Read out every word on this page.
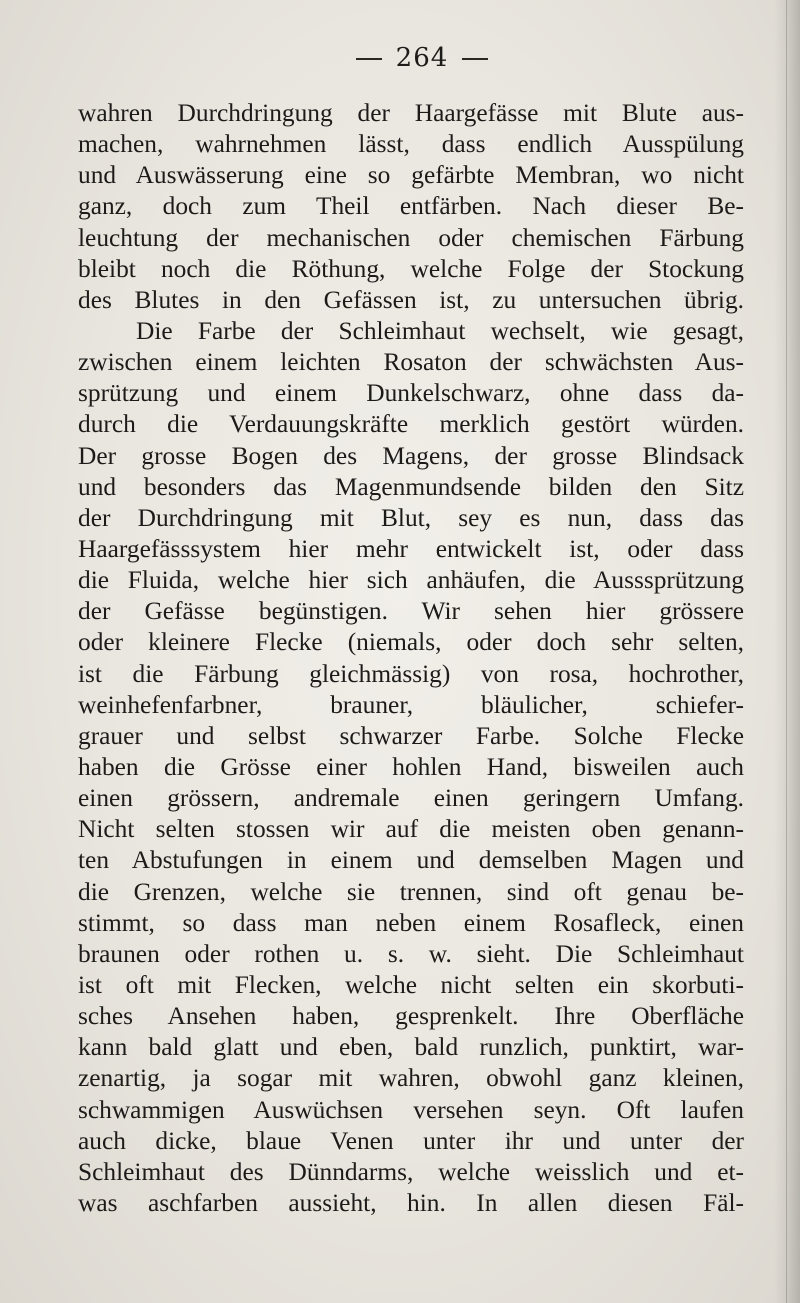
264
wahren Durchdringung der Haargefässe mit Blute aus-
machen, wahrnehmen lässt, dass endlich Ausspülung
und Auswässerung eine so gefärbte Membran, wo nicht
ganz, doch zum Theil entfärben. Nach dieser Be-
leuchtung der mechanischen oder chemischen Färbung
bleibt noch die Röthung, welche Folge der Stockung
des Blutes in den Gefässen ist, zu untersuchen übrig.
Die Farbe der Schleimhaut wechselt, wie gesagt,
zwischen einem leichten Rosaton der schwächsten Aus-
sprützung und einem Dunkelschwarz, ohne dass da-
durch die Verdauungskräfte merklich gestört würden.
Der grosse Bogen des Magens, der grosse Blindsack
und besonders das Magenmundsende bilden den Sitz
der Durchdringung mit Blut, sey es nun, dass das
Haargefässsystem hier mehr entwickelt ist, oder dass
die Fluida, welche hier sich anhäufen, die Ausssprützung
der Gefässe begünstigen. Wir sehen hier grössere
oder kleinere Flecke (niemals, oder doch sehr selten,
ist die Färbung gleichmässig) von rosa, hochrother,
weinhefenfarbner, brauner, bläulicher, schiefer-
grauer und selbst schwarzer Farbe. Solche Flecke
haben die Grösse einer hohlen Hand, bisweilen auch
einen grössern, andremale einen geringern Umfang.
Nicht selten stossen wir auf die meisten oben genann-
ten Abstufungen in einem und demselben Magen und
die Grenzen, welche sie trennen, sind oft genau be-
stimmt, so dass man neben einem Rosafleck, einen
braunen oder rothen u. s. w. sieht. Die Schleimhaut
ist oft mit Flecken, welche nicht selten ein skorbuti-
sches Ansehen haben, gesprenkelt. Ihre Oberfläche
kann bald glatt und eben, bald runzlich, punktirt, war-
zenartig, ja sogar mit wahren, obwohl ganz kleinen,
schwammigen Auswüchsen versehen seyn. Oft laufen
auch dicke, blaue Venen unter ihr und unter der
Schleimhaut des Dünndarms, welche weisslich und et-
was aschfarben aussieht, hin. In allen diesen Fäl-
